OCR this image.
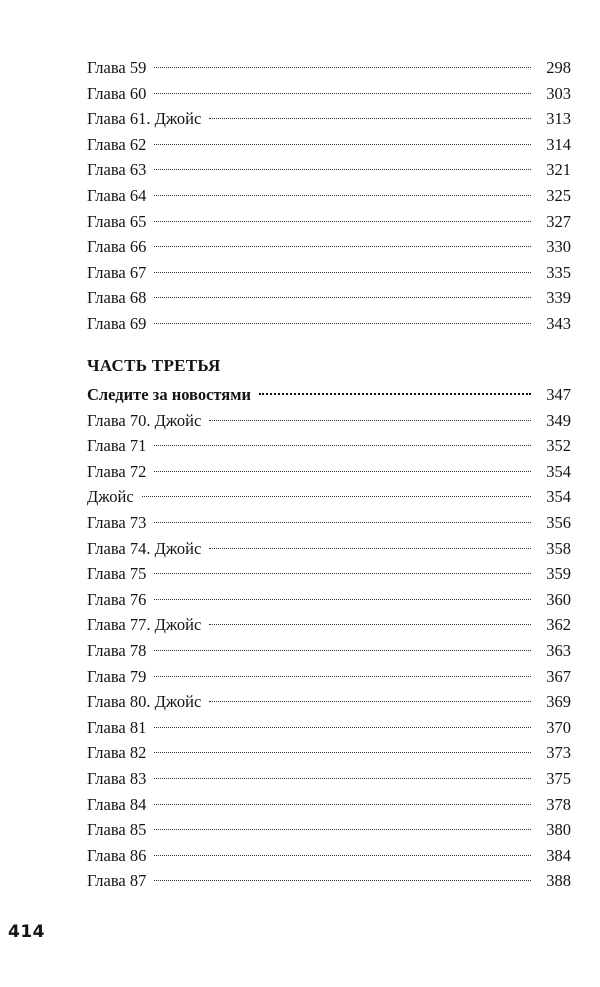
Глава 59	298
Глава 60	303
Глава 61. Джойс	313
Глава 62	314
Глава 63	321
Глава 64	325
Глава 65	327
Глава 66	330
Глава 67	335
Глава 68	339
Глава 69	343
ЧАСТЬ ТРЕТЬЯ
Следите за новостями	347
Глава 70. Джойс	349
Глава 71	352
Глава 72	354
Джойс	354
Глава 73	356
Глава 74. Джойс	358
Глава 75	359
Глава 76	360
Глава 77. Джойс	362
Глава 78	363
Глава 79	367
Глава 80. Джойс	369
Глава 81	370
Глава 82	373
Глава 83	375
Глава 84	378
Глава 85	380
Глава 86	384
Глава 87	388
414
